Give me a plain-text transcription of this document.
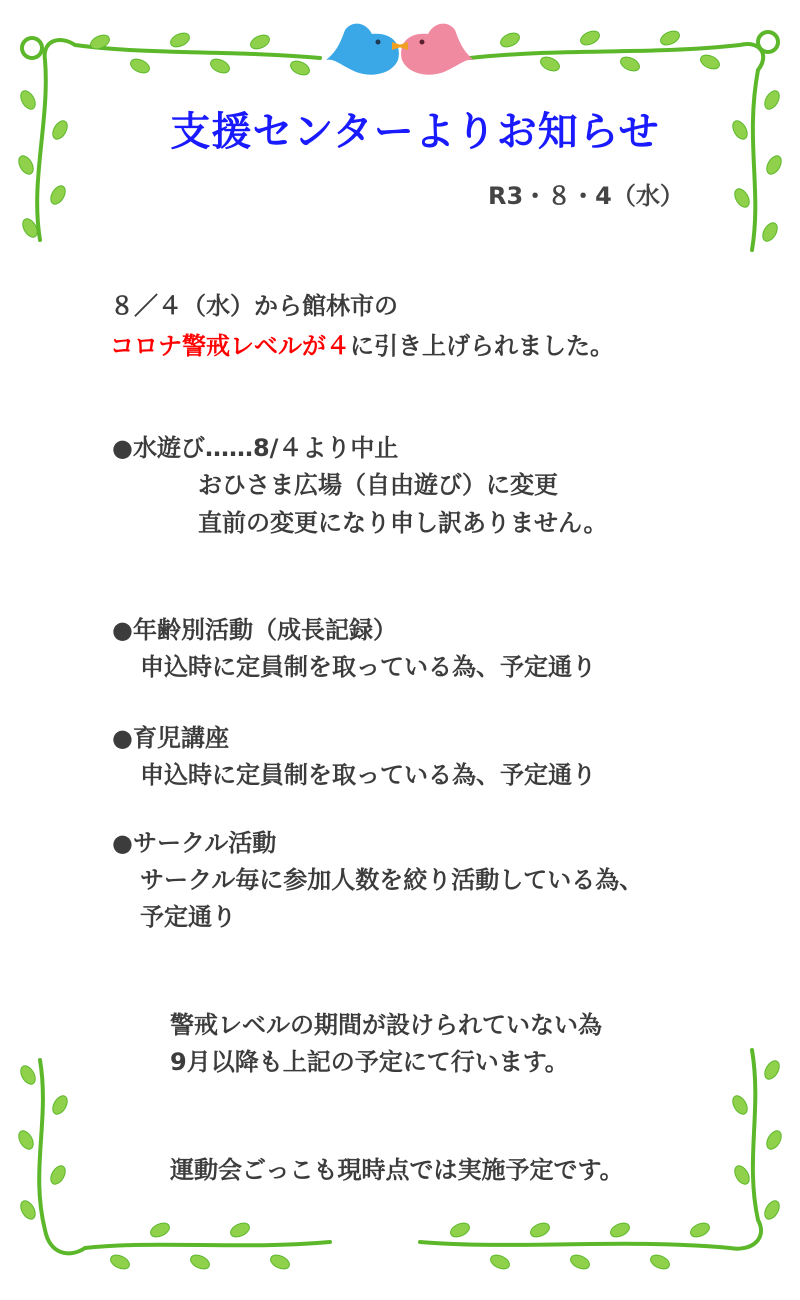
支援センターよりお知らせ
R3・８・4（水）
８／４（水）から館林市の
コロナ警戒レベルが４に引き上げられました。
●水遊び……8/４より中止
おひさま広場（自由遊び）に変更
直前の変更になり申し訳ありません。
●年齢別活動（成長記録）
申込時に定員制を取っている為、予定通り
●育児講座
申込時に定員制を取っている為、予定通り
●サークル活動
サークル毎に参加人数を絞り活動している為、
予定通り
警戒レベルの期間が設けられていない為
9月以降も上記の予定にて行います。
運動会ごっこも現時点では実施予定です。
